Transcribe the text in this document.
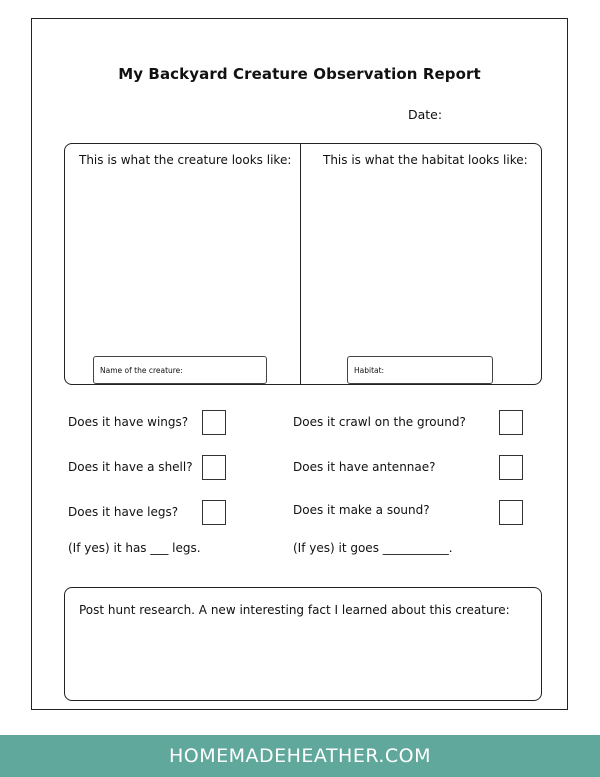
My Backyard Creature Observation Report
Date:
This is what the creature looks like:	This is what the habitat looks like:
Name of the creature:	Habitat:
Does it have wings?
Does it have a shell?
Does it have legs?
(If yes) it has ___ legs.
Does it crawl on the ground?
Does it have antennae?
Does it make a sound?
(If yes) it goes ___________.
Post hunt research. A new interesting fact I learned about this creature:
HOMEMADEHEATHER.COM
